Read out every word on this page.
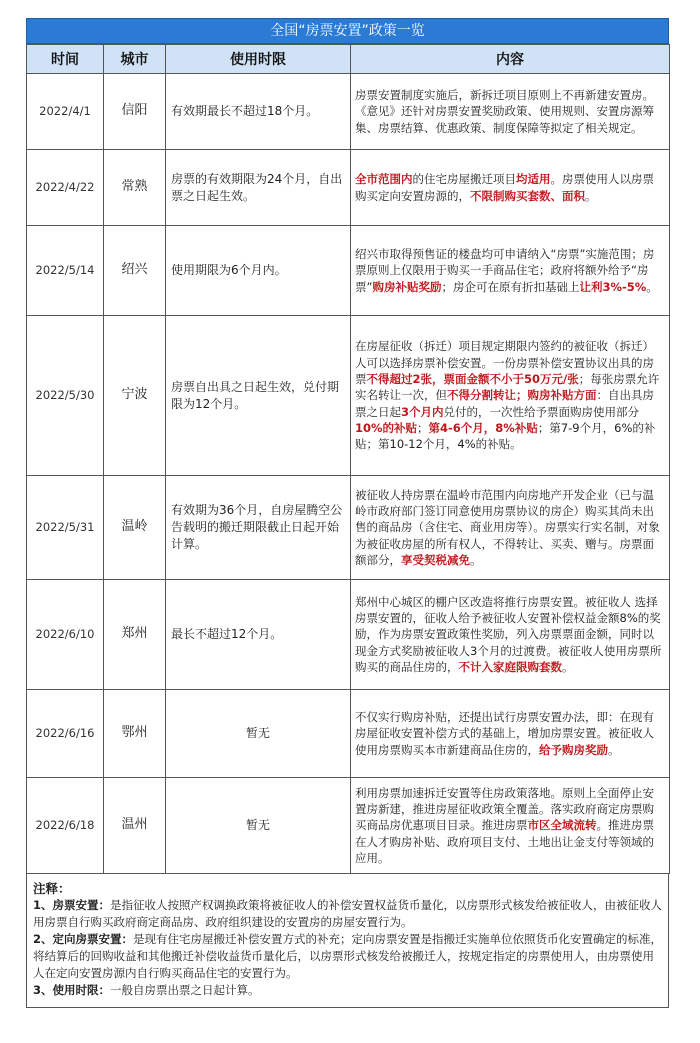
全国“房票安置”政策一览
时间	城市	使用时限	内容
2022/4/1	信阳	有效期最长不超过18个月。	房票安置制度实施后，新拆迁项目原则上不再新建安置房。《意见》还针对房票安置奖励政策、使用规则、安置房源筹集、房票结算、优惠政策、制度保障等拟定了相关规定。
2022/4/22	常熟	房票的有效期限为24个月，自出票之日起生效。	全市范围内的住宅房屋搬迁项目均适用。房票使用人以房票购买定向安置房源的，不限制购买套数、面积。
2022/5/14	绍兴	使用期限为6个月内。	绍兴市取得预售证的楼盘均可申请纳入“房票”实施范围；房票原则上仅限用于购买一手商品住宅；政府将额外给予“房票”购房补贴奖励；房企可在原有折扣基础上让利3%-5%。
2022/5/30	宁波	房票自出具之日起生效，兑付期限为12个月。	在房屋征收（拆迁）项目规定期限内签约的被征收（拆迁）人可以选择房票补偿安置。一份房票补偿安置协议出具的房票不得超过2张，票面金额不小于50万元/张；每张房票允许实名转让一次，但不得分割转让；购房补贴方面：自出具房票之日起3个月内兑付的，一次性给予票面购房使用部分10%的补贴；第4-6个月，8%补贴；第7-9个月，6%的补贴；第10-12个月，4%的补贴。
2022/5/31	温岭	有效期为36个月，自房屋腾空公告载明的搬迁期限截止日起开始计算。	被征收人持房票在温岭市范围内向房地产开发企业（已与温岭市政府部门签订同意使用房票协议的房企）购买其尚未出售的商品房（含住宅、商业用房等）。房票实行实名制，对象为被征收房屋的所有权人，不得转让、买卖、赠与。房票面额部分，享受契税减免。
2022/6/10	郑州	最长不超过12个月。	郑州中心城区的棚户区改造将推行房票安置。被征收人 选择房票安置的，征收人给予被征收人安置补偿权益金额8%的奖励，作为房票安置政策性奖励，列入房票票面金额，同时以现金方式奖励被征收人3个月的过渡费。被征收人使用房票所购买的商品住房的，不计入家庭限购套数。
2022/6/16	鄂州	暂无	不仅实行购房补贴，还提出试行房票安置办法，即：在现有房屋征收安置补偿方式的基础上，增加房票安置。被征收人使用房票购买本市新建商品住房的，给予购房奖励。
2022/6/18	温州	暂无	利用房票加速拆迁安置等住房政策落地。原则上全面停止安置房新建，推进房屋征收政策全覆盖。落实政府商定房票购买商品房优惠项目目录。推进房票市区全域流转。推进房票在人才购房补贴、政府项目支付、土地出让金支付等领域的应用。
注释：
1、房票安置：是指征收人按照产权调换政策将被征收人的补偿安置权益货币量化，以房票形式核发给被征收人，由被征收人用房票自行购买政府商定商品房、政府组织建设的安置房的房屋安置行为。
2、定向房票安置：是现有住宅房屋搬迁补偿安置方式的补充；定向房票安置是指搬迁实施单位依照货币化安置确定的标准，将结算后的回购收益和其他搬迁补偿收益货币量化后，以房票形式核发给被搬迁人，按规定指定的房票使用人，由房票使用人在定向安置房源内自行购买商品住宅的安置行为。
3、使用时限：一般自房票出票之日起计算。
